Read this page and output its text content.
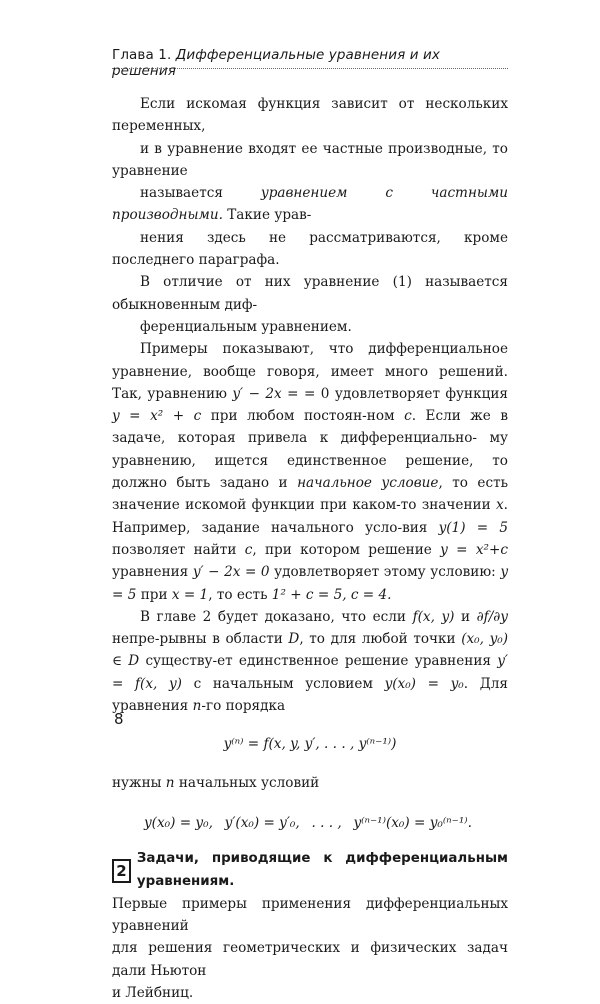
Глава 1. Дифференциальные уравнения и их решения

Если искомая функция зависит от нескольких переменных,
и в уравнение входят ее частные производные, то уравнение
называется уравнением с частными производными. Такие урав-
нения здесь не рассматриваются, кроме последнего параграфа.
В отличие от них уравнение (1) называется обыкновенным диф-
ференциальным уравнением.

Примеры показывают, что дифференциальное уравнение, вообще говоря, имеет много решений. Так, уравнению y′ − 2x = = 0 удовлетворяет функция y = x² + c при любом постоян-ном c. Если же в задаче, которая привела к дифференциально- му уравнению, ищется единственное решение, то должно быть задано и начальное условие, то есть значение искомой функции при каком-то значении x. Например, задание начального усло-вия y(1) = 5 позволяет найти c, при котором решение y = x²+c уравнения y′ − 2x = 0 удовлетворяет этому условию: y = 5 при x = 1, то есть 1² + c = 5, c = 4.

В главе 2 будет доказано, что если f(x, y) и ∂f/∂y непре-рывны в области D, то для любой точки (x₀, y₀) ∈ D существу-ет единственное решение уравнения y′ = f(x, y) с начальным условием y(x₀) = y₀. Для уравнения n-го порядка

y⁽ⁿ⁾ = f(x, y, y′, . . . , y⁽ⁿ⁻¹⁾)

нужны n начальных условий

y(x₀) = y₀, y′(x₀) = y′₀, . . . , y⁽ⁿ⁻¹⁾(x₀) = y₀⁽ⁿ⁻¹⁾.
2
Задачи, приводящие к дифференциальным уравнениям.

Первые примеры применения дифференциальных уравнений
для решения геометрических и физических задач дали Ньютон
и Лейбниц.

8
